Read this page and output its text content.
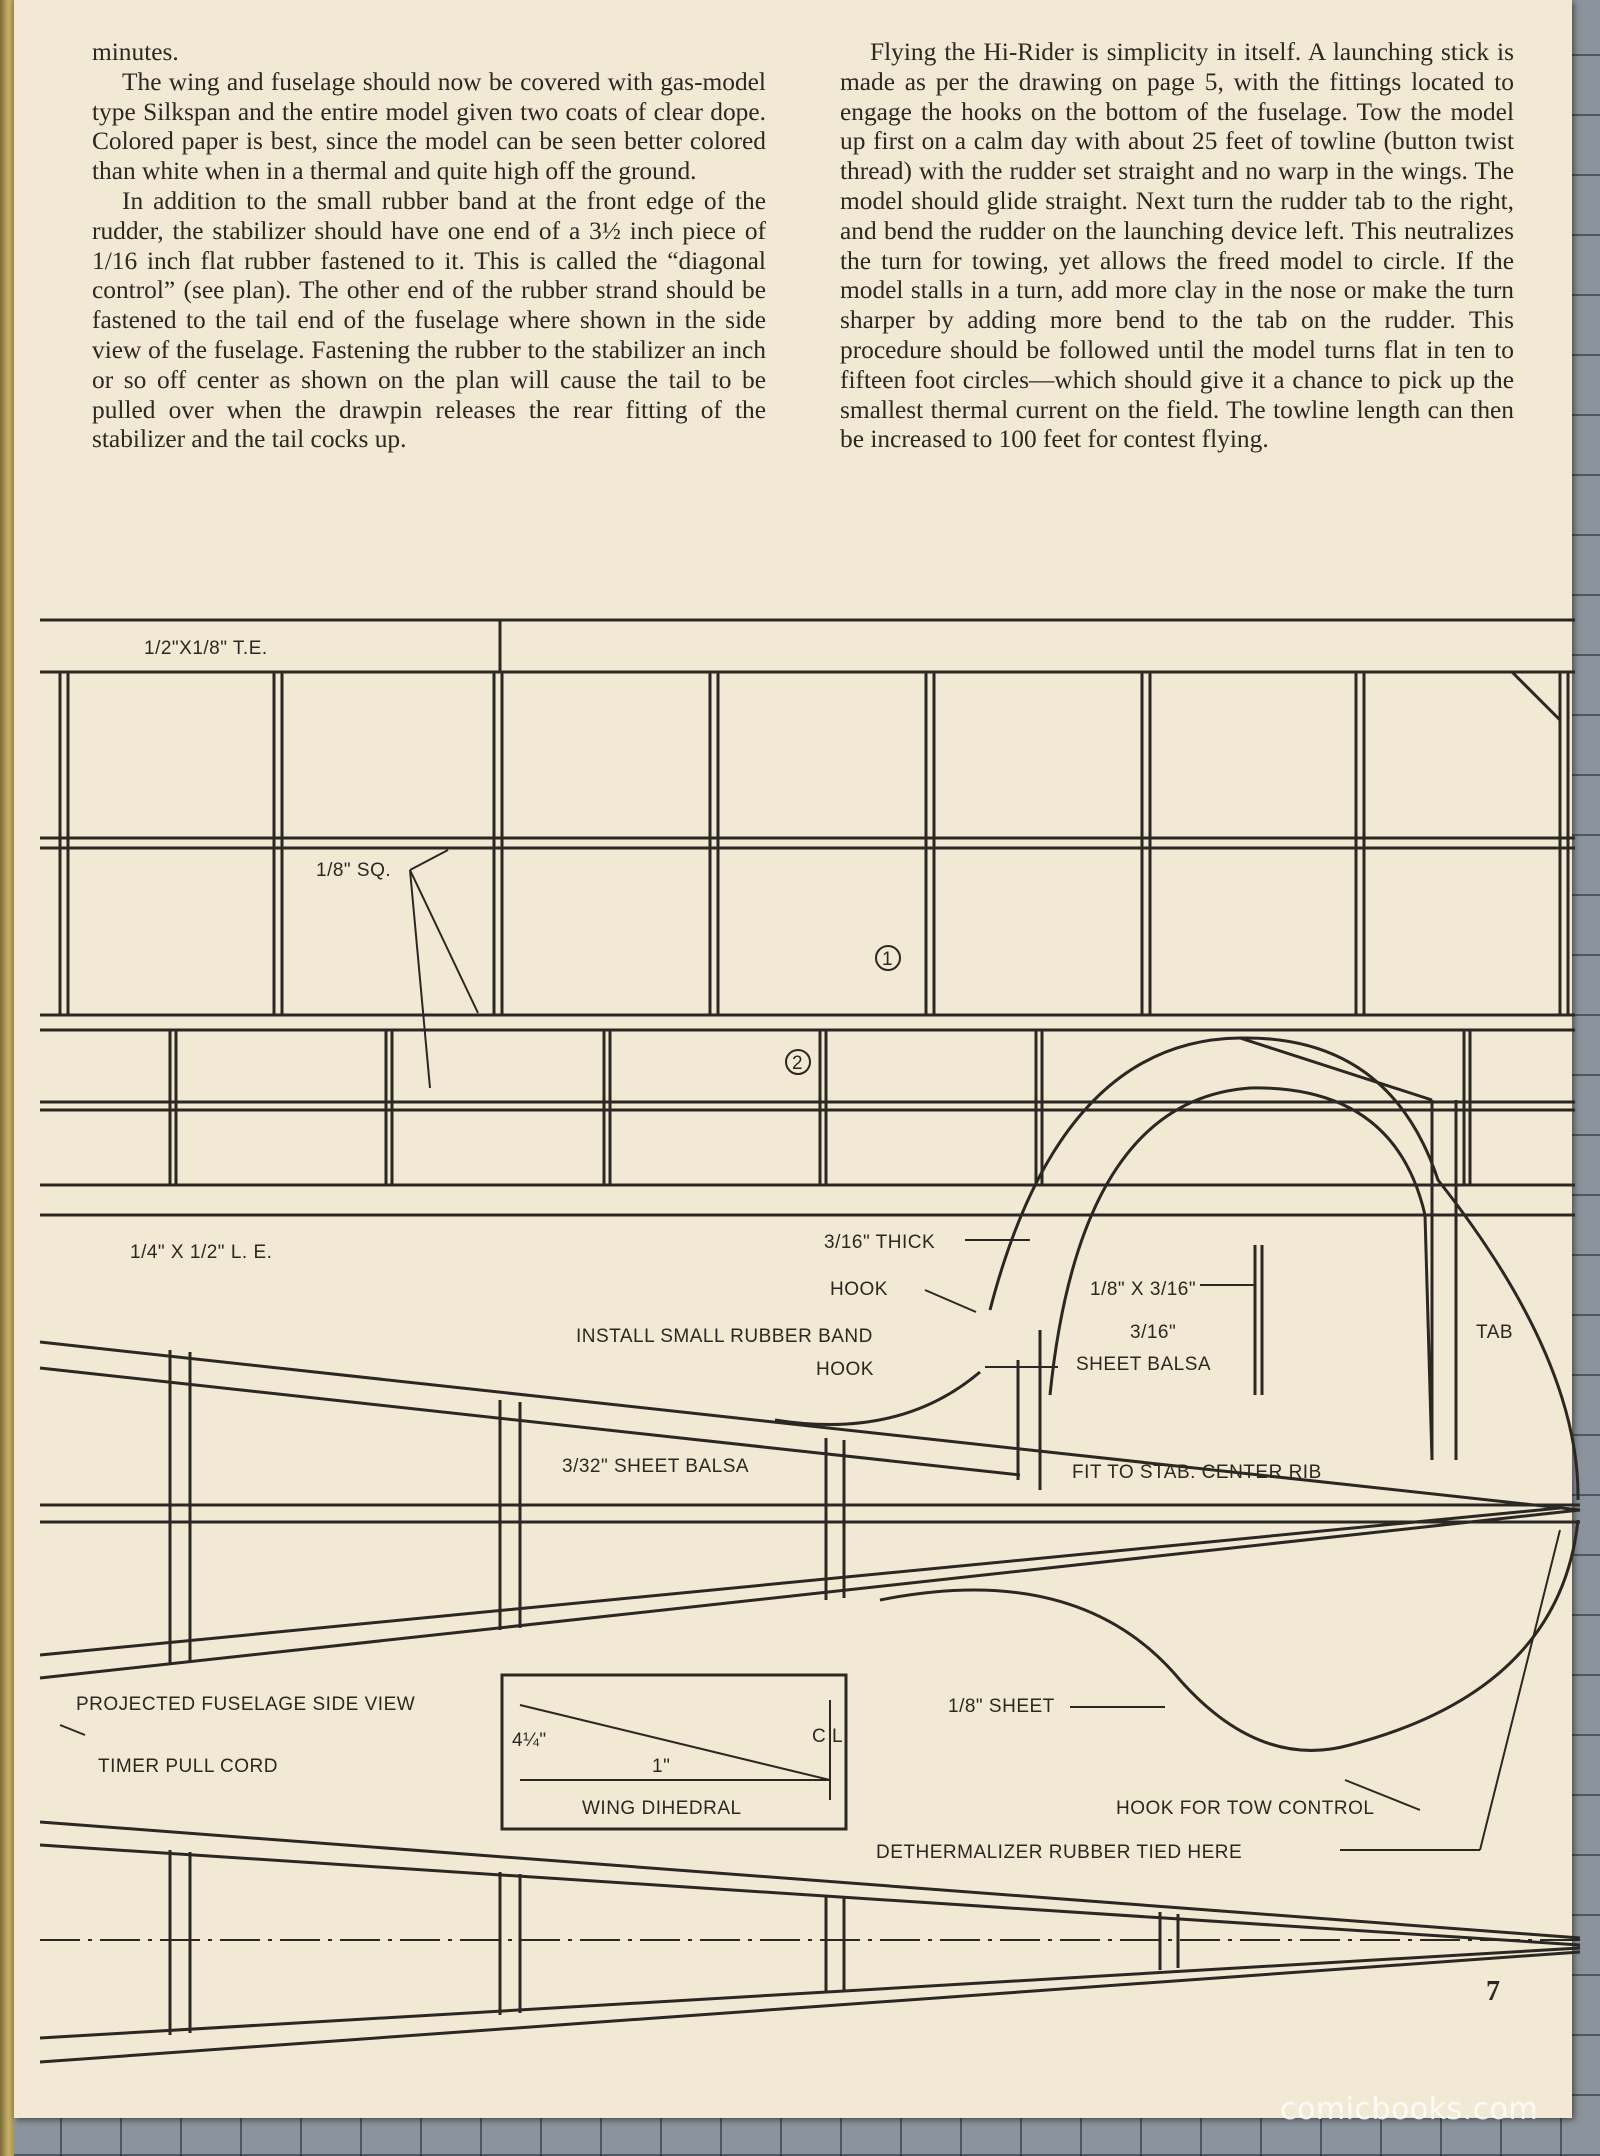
minutes.

The wing and fuselage should now be covered with gas-model type Silkspan and the entire model given two coats of clear dope. Colored paper is best, since the model can be seen better colored than white when in a thermal and quite high off the ground.

In addition to the small rubber band at the front edge of the rudder, the stabilizer should have one end of a 3½ inch piece of 1/16 inch flat rubber fastened to it. This is called the “diagonal control” (see plan). The other end of the rubber strand should be fastened to the tail end of the fuselage where shown in the side view of the fuselage. Fastening the rubber to the stabilizer an inch or so off center as shown on the plan will cause the tail to be pulled over when the drawpin releases the rear fitting of the stabilizer and the tail cocks up.

Flying the Hi-Rider is simplicity in itself. A launching stick is made as per the drawing on page 5, with the fittings located to engage the hooks on the bottom of the fuselage. Tow the model up first on a calm day with about 25 feet of towline (button twist thread) with the rudder set straight and no warp in the wings. The model should glide straight. Next turn the rudder tab to the right, and bend the rudder on the launching device left. This neutralizes the turn for towing, yet allows the freed model to circle. If the model stalls in a turn, add more clay in the nose or make the turn sharper by adding more bend to the tab on the rudder. This procedure should be followed until the model turns flat in ten to fifteen foot circles—which should give it a chance to pick up the smallest thermal current on the field. The towline length can then be increased to 100 feet for contest flying.

1/2"X1/8" T.E.
1/8" SQ.
1
2
1/4" X 1/2" L. E.	3/16" THICK
HOOK
INSTALL SMALL RUBBER BAND
HOOK
1/8" X 3/16"
3/16"
SHEET BALSA
TAB
3/32" SHEET BALSA	FIT TO STAB. CENTER RIB
PROJECTED FUSELAGE SIDE VIEW
TIMER PULL CORD
4¼"
1"
C L
WING DIHEDRAL
1/8" SHEET
HOOK FOR TOW CONTROL
DETHERMALIZER RUBBER TIED HERE
7
comicbooks.com
